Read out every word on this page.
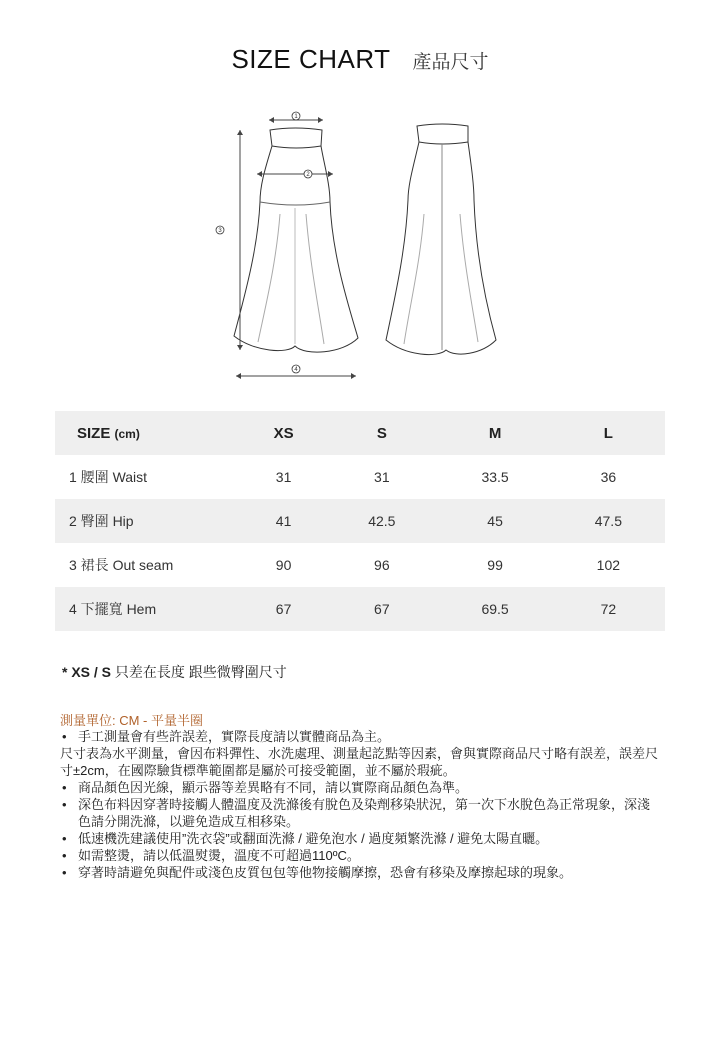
SIZE CHART 產品尺寸
1
2
3
4
SIZE (cm)	XS	S	M	L
1 腰圍 Waist	31	31	33.5	36
2 臀圍 Hip	41	42.5	45	47.5
3 裙長 Out seam	90	96	99	102
4 下擺寬 Hem	67	67	69.5	72
* XS / S 只差在長度 跟些微臀圍尺寸
測量單位: CM - 平量半圈
• 手工測量會有些許誤差，實際長度請以實體商品為主。
尺寸表為水平測量，會因布料彈性、水洗處理、測量起訖點等因素，會與實際商品尺寸略有誤差，誤差尺寸±2cm，在國際驗貨標準範圍都是屬於可接受範圍，並不屬於瑕疵。
• 商品顏色因光線，顯示器等差異略有不同，請以實際商品顏色為準。
• 深色布料因穿著時接觸人體溫度及洗滌後有脫色及染劑移染狀況，第一次下水脫色為正常現象，深淺色請分開洗滌，以避免造成互相移染。
• 低速機洗建議使用”洗衣袋”或翻面洗滌 / 避免泡水 / 過度頻繁洗滌 / 避免太陽直曬。
• 如需整燙，請以低溫熨燙，溫度不可超過110ºC。
• 穿著時請避免與配件或淺色皮質包包等他物接觸摩擦，恐會有移染及摩擦起球的現象。
